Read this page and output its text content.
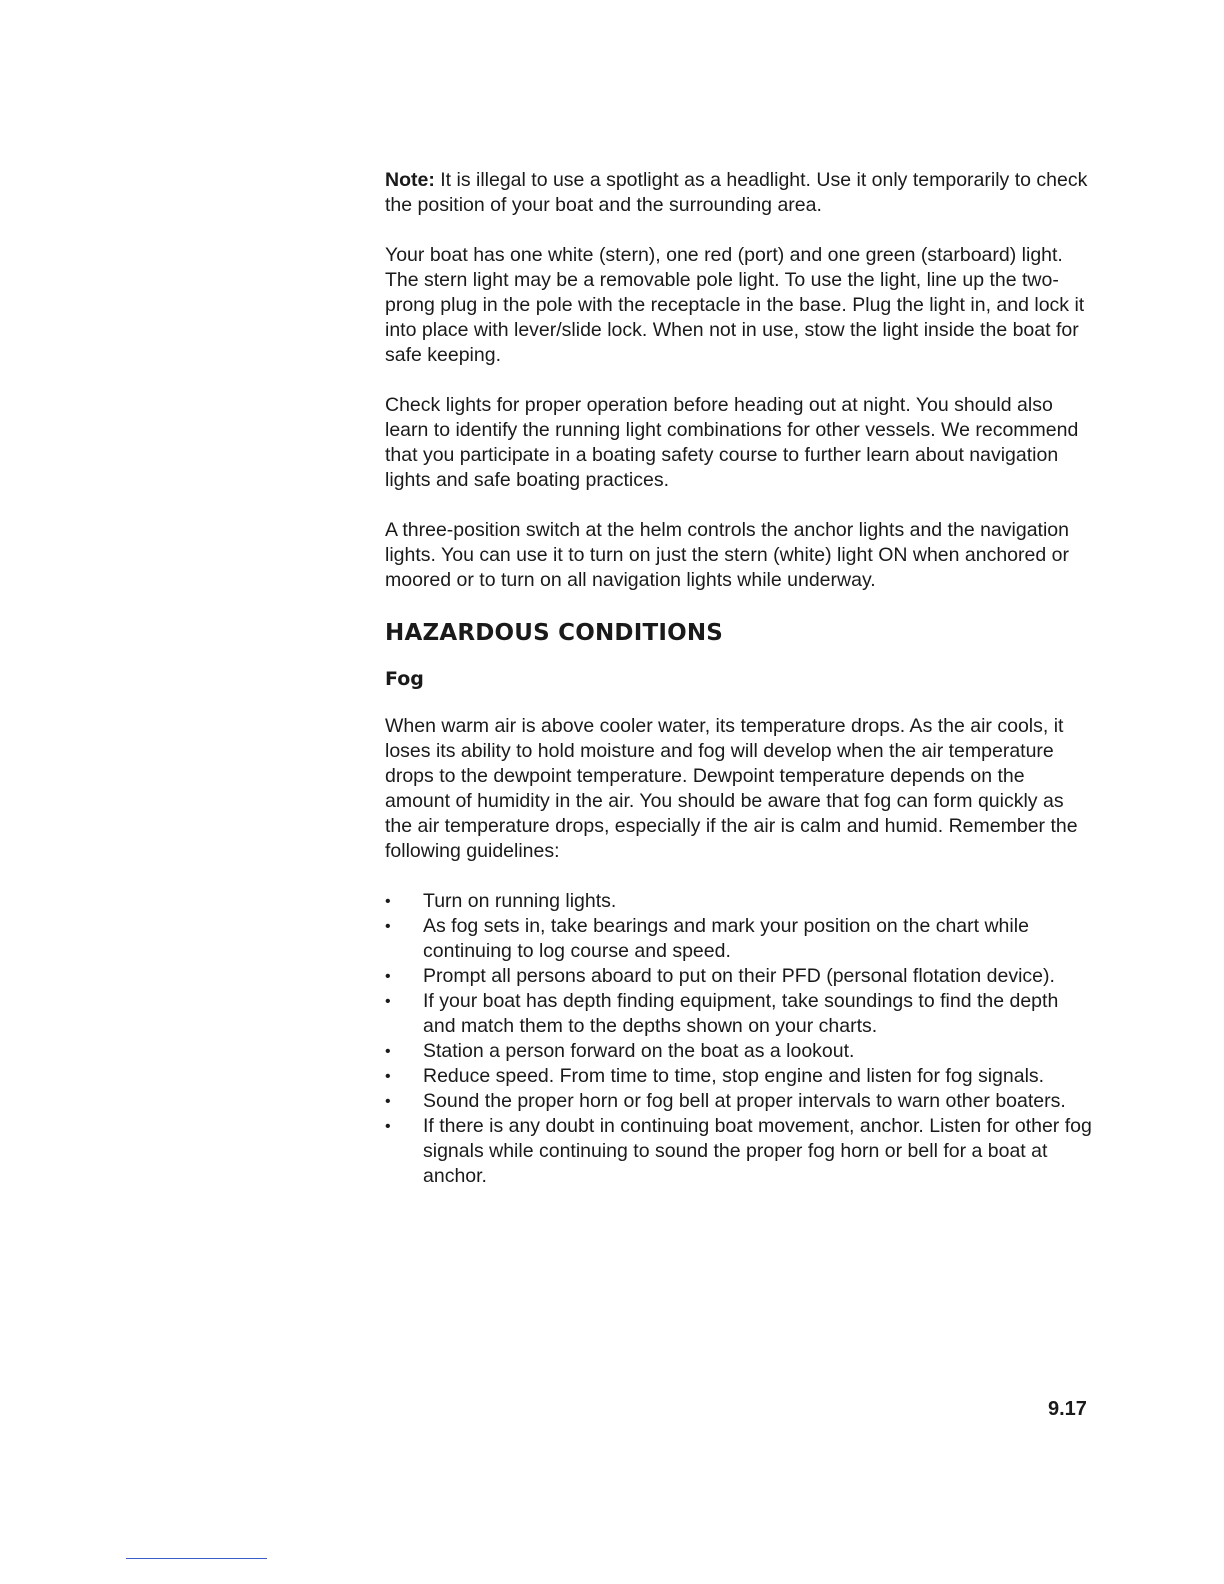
Note: It is illegal to use a spotlight as a headlight. Use it only temporarily to check the position of your boat and the surrounding area.

Your boat has one white (stern), one red (port) and one green (starboard) light. The stern light may be a removable pole light. To use the light, line up the two-prong plug in the pole with the receptacle in the base. Plug the light in, and lock it into place with lever/slide lock. When not in use, stow the light inside the boat for safe keeping.

Check lights for proper operation before heading out at night. You should also learn to identify the running light combinations for other vessels. We recommend that you participate in a boating safety course to further learn about navigation lights and safe boating practices.

A three-position switch at the helm controls the anchor lights and the navigation lights. You can use it to turn on just the stern (white) light ON when anchored or moored or to turn on all navigation lights while underway.

HAZARDOUS CONDITIONS
Fog

When warm air is above cooler water, its temperature drops. As the air cools, it loses its ability to hold moisture and fog will develop when the air temperature drops to the dewpoint temperature. Dewpoint temperature depends on the amount of humidity in the air. You should be aware that fog can form quickly as the air temperature drops, especially if the air is calm and humid. Remember the following guidelines:

• Turn on running lights.
• As fog sets in, take bearings and mark your position on the chart while continuing to log course and speed.
• Prompt all persons aboard to put on their PFD (personal flotation device).
• If your boat has depth finding equipment, take soundings to find the depth and match them to the depths shown on your charts.
• Station a person forward on the boat as a lookout.
• Reduce speed. From time to time, stop engine and listen for fog signals.
• Sound the proper horn or fog bell at proper intervals to warn other boaters.
• If there is any doubt in continuing boat movement, anchor. Listen for other fog signals while continuing to sound the proper fog horn or bell for a boat at anchor.
9.17
